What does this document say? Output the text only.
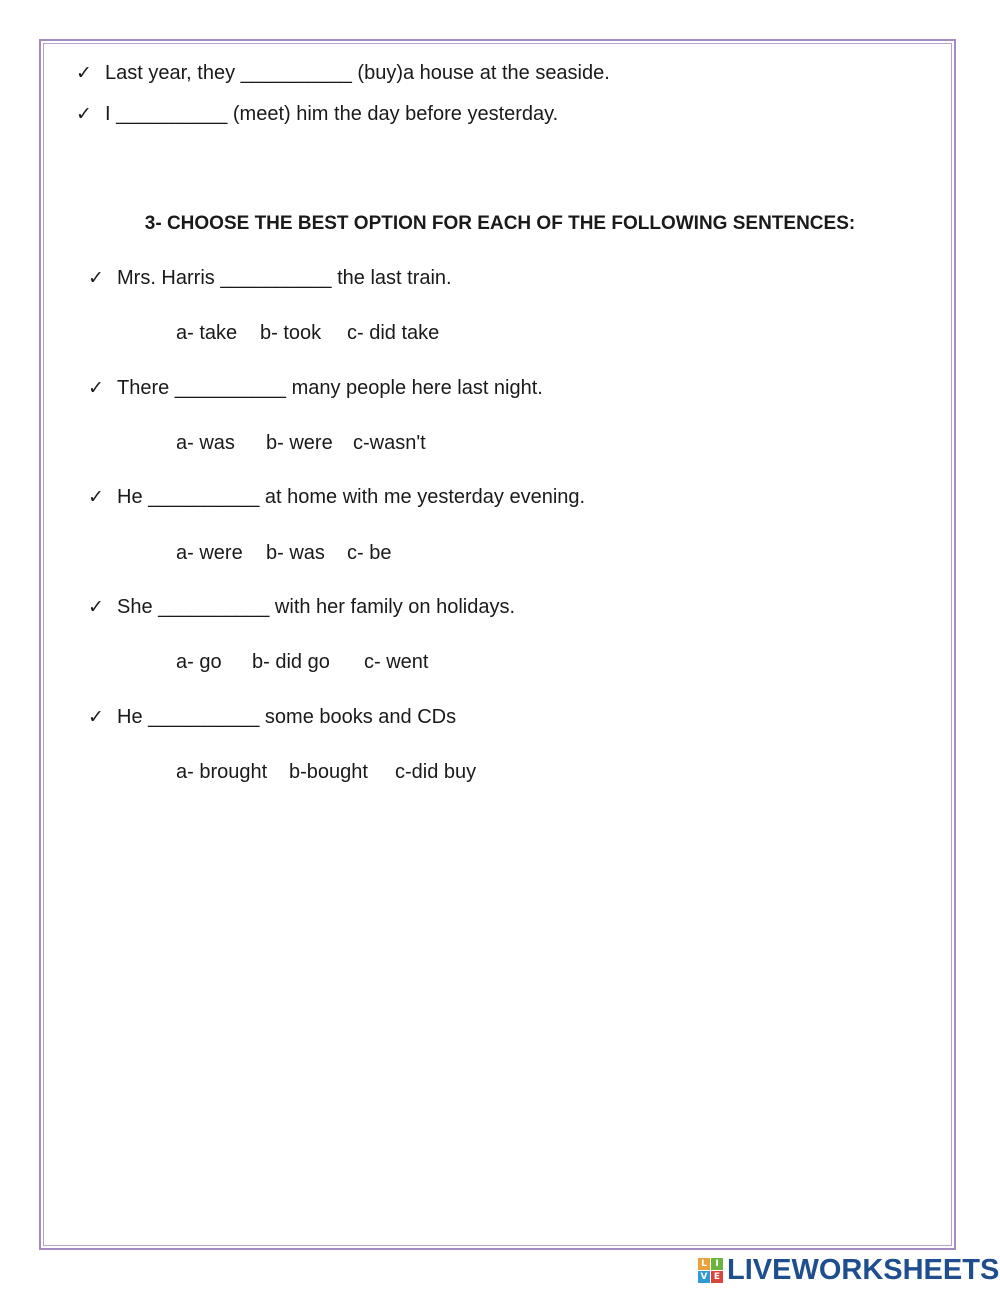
✓ Last year, they __________ (buy)a house at the seaside.
✓ I __________ (meet) him the day before yesterday.
3- CHOOSE THE BEST OPTION FOR EACH OF THE FOLLOWING SENTENCES:
✓ Mrs. Harris __________ the last train.
a- take b- took c- did take
✓ There __________ many people here last night.
a- was b- were c-wasn't
✓ He __________ at home with me yesterday evening.
a- were b- was c- be
✓ She __________ with her family on holidays.
a- go b- did go c- went
✓ He __________ some books and CDs
a- brought b-bought c-did buy
L I
V E LIVEWORKSHEETS
